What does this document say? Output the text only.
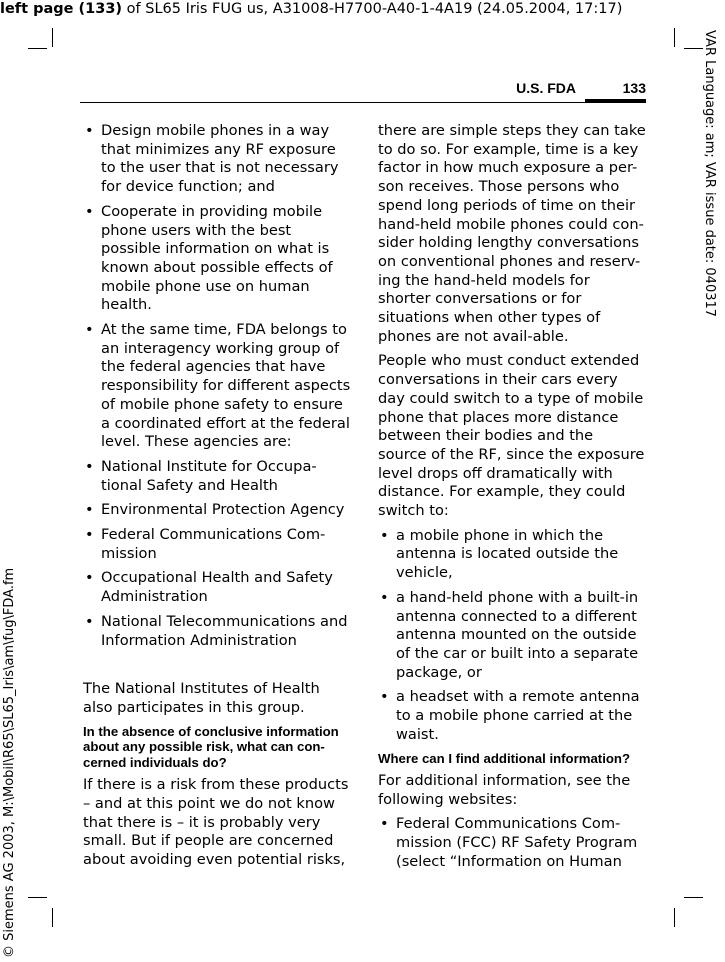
left page (133) of SL65 Iris FUG us, A31008-H7700-A40-1-4A19 (24.05.2004, 17:17)
VAR Language: am; VAR issue date: 040317
© Siemens AG 2003, M:\Mobil\R65\SL65_Iris\am\fug\FDA.fm
U.S. FDA	133
• Design mobile phones in a way that minimizes any RF exposure to the user that is not necessary for device function; and
• Cooperate in providing mobile phone users with the best possible information on what is known about possible effects of mobile phone use on human health.
• At the same time, FDA belongs to an interagency working group of the federal agencies that have responsibility for different aspects of mobile phone safety to ensure a coordinated effort at the federal level. These agencies are:
• National Institute for Occupa-tional Safety and Health
• Environmental Protection Agency
• Federal Communications Com-mission
• Occupational Health and Safety Administration
• National Telecommunications and Information Administration

The National Institutes of Health also participates in this group.

In the absence of conclusive information about any possible risk, what can con-cerned individuals do?

If there is a risk from these products – and at this point we do not know that there is – it is probably very small. But if people are concerned about avoiding even potential risks,

there are simple steps they can take to do so. For example, time is a key factor in how much exposure a per-son receives. Those persons who spend long periods of time on their hand-held mobile phones could con-sider holding lengthy conversations on conventional phones and reserv-ing the hand-held models for shorter conversations or for situations when other types of phones are not avail-able.

People who must conduct extended conversations in their cars every day could switch to a type of mobile phone that places more distance between their bodies and the source of the RF, since the exposure level drops off dramatically with distance. For example, they could switch to:

• a mobile phone in which the antenna is located outside the vehicle,
• a hand-held phone with a built-in antenna connected to a different antenna mounted on the outside of the car or built into a separate package, or
• a headset with a remote antenna to a mobile phone carried at the waist.
Where can I find additional information?

For additional information, see the following websites:

• Federal Communications Com-mission (FCC) RF Safety Program (select “Information on Human
